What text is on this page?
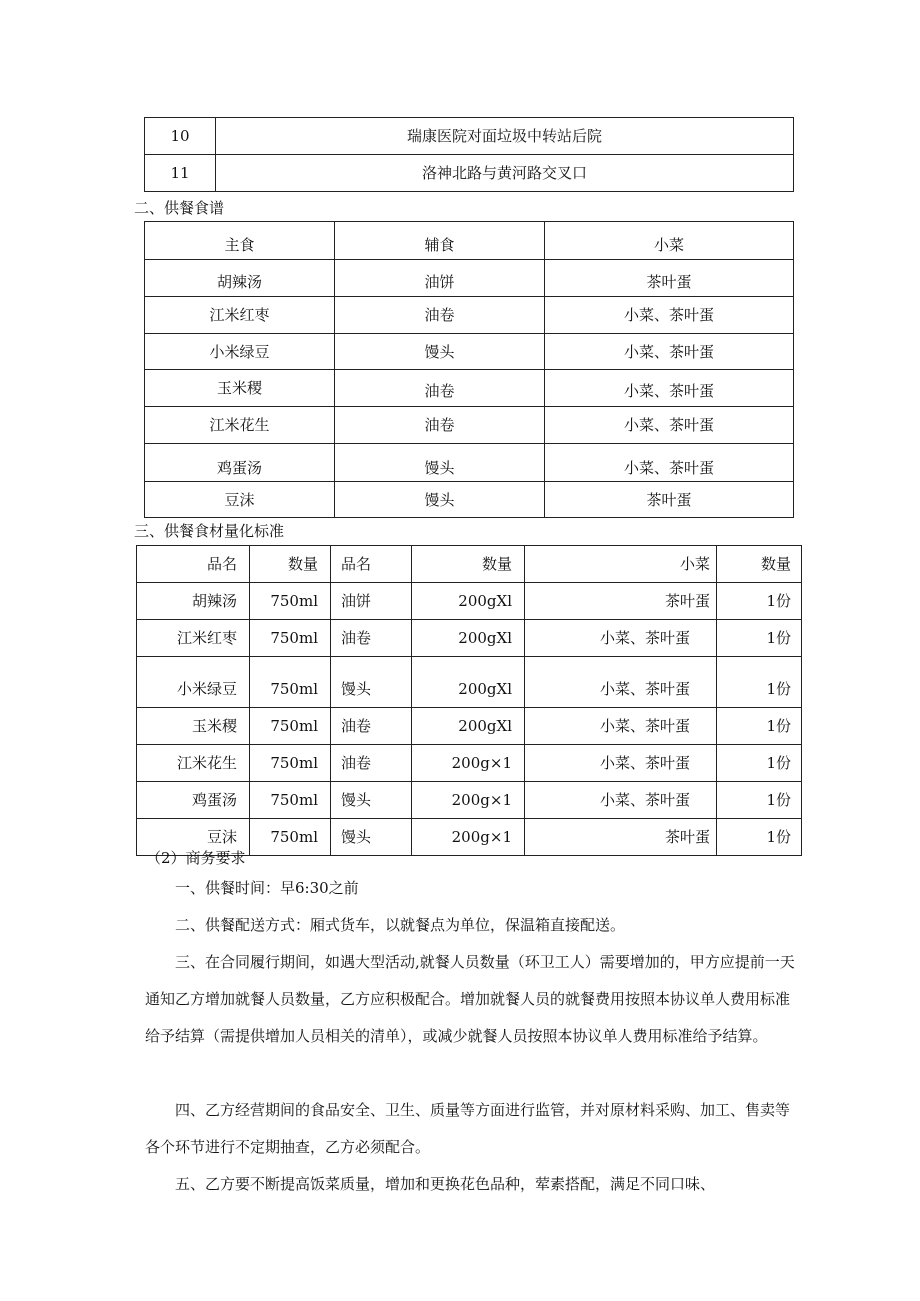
10	瑞康医院对面垃圾中转站后院
11	洛神北路与黄河路交叉口
二、供餐食谱
主食	辅食	小菜
胡辣汤	油饼	茶叶蛋
江米红枣	油卷	小菜、茶叶蛋
小米绿豆	馒头	小菜、茶叶蛋
玉米稷	油卷	小菜、茶叶蛋
江米花生	油卷	小菜、茶叶蛋
鸡蛋汤	馒头	小菜、茶叶蛋
豆沫	馒头	茶叶蛋
三、供餐食材量化标准
品名	数量	品名	数量	小菜	数量
胡辣汤	750ml	油饼	200gXl	茶叶蛋	1份
江米红枣	750ml	油卷	200gXl	小菜、茶叶蛋	1份
小米绿豆	750ml	馒头	200gXl	小菜、茶叶蛋	1份
玉米稷	750ml	油卷	200gXl	小菜、茶叶蛋	1份
江米花生	750ml	油卷	200g×1	小菜、茶叶蛋	1份
鸡蛋汤	750ml	馒头	200g×1	小菜、茶叶蛋	1份
豆沫	750ml	馒头	200g×1	茶叶蛋	1份
（2）商务要求
一、供餐时间：早6:30之前
二、供餐配送方式：厢式货车，以就餐点为单位，保温箱直接配送。
三、在合同履行期间，如遇大型活动,就餐人员数量（环卫工人）需要增加的，甲方应提前一天通知乙方增加就餐人员数量，乙方应积极配合。增加就餐人员的就餐费用按照本协议单人费用标准给予结算（需提供增加人员相关的清单），或减少就餐人员按照本协议单人费用标准给予结算。
四、乙方经营期间的食品安全、卫生、质量等方面进行监管，并对原材料采购、加工、售卖等各个环节进行不定期抽查，乙方必须配合。
五、乙方要不断提高饭菜质量，增加和更换花色品种，荤素搭配，满足不同口味、
